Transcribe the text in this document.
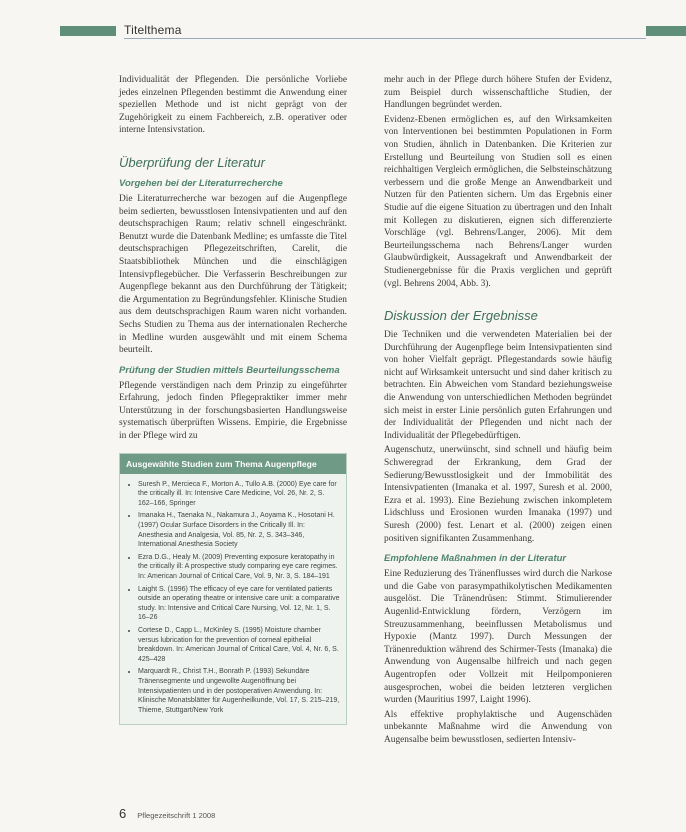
Titelthema

Individualität der Pflegenden. Die persönliche Vorliebe jedes einzelnen Pflegenden bestimmt die Anwendung einer speziellen Methode und ist nicht geprägt von der Zugehörigkeit zu einem Fachbereich, z.B. operativer oder interne Intensivstation.

Überprüfung der Literatur
Vorgehen bei der Literaturrecherche

Die Literaturrecherche war bezogen auf die Augenpflege beim sedierten, bewusstlosen Intensivpatienten und auf den deutschsprachigen Raum; relativ schnell eingeschränkt. Benutzt wurde die Datenbank Medline; es umfasste die Titel deutschsprachigen Pflegezeitschriften, Carelit, die Staatsbibliothek München und die einschlägigen Intensivpflegebücher. Die Verfasserin Beschreibungen zur Augenpflege bekannt aus den Durchführung der Tätigkeit; die Argumentation zu Begründungsfehler. Klinische Studien aus dem deutschsprachigen Raum waren nicht vorhanden. Sechs Studien zu Thema aus der internationalen Recherche in Medline wurden ausgewählt und mit einem Schema beurteilt.

Prüfung der Studien mittels Beurteilungsschema

Pflegende verständigen nach dem Prinzip zu eingeführter Erfahrung, jedoch finden Pflegepraktiker immer mehr Unterstützung in der forschungsbasierten Handlungsweise systematisch überprüften Wissens. Empirie, die Ergebnisse in der Pflege wird zu

Ausgewählte Studien zum Thema Augenpflege
• Suresh P., Mercieca F., Morton A., Tullo A.B. (2000) Eye care for the critically ill. In: Intensive Care Medicine, Vol. 26, Nr. 2, S. 162–166, Springer
• Imanaka H., Taenaka N., Nakamura J., Aoyama K., Hosotani H. (1997) Ocular Surface Disorders in the Critically Ill. In: Anesthesia and Analgesia, Vol. 85, Nr. 2, S. 343–346, International Anesthesia Society
• Ezra D.G., Healy M. (2009) Preventing exposure keratopathy in the critically ill: A prospective study comparing eye care regimes. In: American Journal of Critical Care, Vol. 9, Nr. 3, S. 184–191
• Laight S. (1996) The efficacy of eye care for ventilated patients outside an operating theatre or intensive care unit: a comparative study. In: Intensive and Critical Care Nursing, Vol. 12, Nr. 1, S. 16–26
• Cortese D., Capp L., McKinley S. (1995) Moisture chamber versus lubrication for the prevention of corneal epithelial breakdown. In: American Journal of Critical Care, Vol. 4, Nr. 6, S. 425–428
• Marquardt R., Christ T.H., Bonrath P. (1993) Sekundäre Tränensegmente und ungewollte Augenöffnung bei Intensivpatienten und in der postoperativen Anwendung. In: Klinische Monatsblätter für Augenheilkunde, Vol. 17, S. 215–219, Thieme, Stuttgart/New York

mehr auch in der Pflege durch höhere Stufen der Evidenz, zum Beispiel durch wissenschaftliche Studien, der Handlungen begründet werden.

Evidenz-Ebenen ermöglichen es, auf den Wirksamkeiten von Interventionen bei bestimmten Populationen in Form von Studien, ähnlich in Datenbanken. Die Kriterien zur Erstellung und Beurteilung von Studien soll es einen reichhaltigen Vergleich ermöglichen, die Selbsteinschätzung verbessern und die große Menge an Anwendbarkeit und Nutzen für den Patienten sichern. Um das Ergebnis einer Studie auf die eigene Situation zu übertragen und den Inhalt mit Kollegen zu diskutieren, eignen sich differenzierte Vorschläge (vgl. Behrens/Langer, 2006). Mit dem Beurteilungsschema nach Behrens/Langer wurden Glaubwürdigkeit, Aussagekraft und Anwendbarkeit der Studienergebnisse für die Praxis verglichen und geprüft (vgl. Behrens 2004, Abb. 3).

Diskussion der Ergebnisse

Die Techniken und die verwendeten Materialien bei der Durchführung der Augenpflege beim Intensivpatienten sind von hoher Vielfalt geprägt. Pflegestandards sowie häufig nicht auf Wirksamkeit untersucht und sind daher kritisch zu betrachten. Ein Abweichen vom Standard beziehungsweise die Anwendung von unterschiedlichen Methoden begründet sich meist in erster Linie persönlich guten Erfahrungen und der Individualität der Pflegenden und nicht nach der Individualität der Pflegebedürftigen.

Augenschutz, unerwünscht, sind schnell und häufig beim Schweregrad der Erkrankung, dem Grad der Sedierung/Bewusstlosigkeit und der Immobilität des Intensivpatienten (Imanaka et al. 1997, Suresh et al. 2000, Ezra et al. 1993). Eine Beziehung zwischen inkompletem Lidschluss und Erosionen wurden Imanaka (1997) und Suresh (2000) fest. Lenart et al. (2000) zeigen einen positiven signifikanten Zusammenhang.

Empfohlene Maßnahmen in der Literatur

Eine Reduzierung des Tränenflusses wird durch die Narkose und die Gabe von parasympathikolytischen Medikamenten ausgelöst. Die Tränendrüsen: Stimmt. Stimulierender Augenlid-Entwicklung fördern, Verzögern im Streuzusammenhang, beeinflussen Metabolismus und Hypoxie (Mantz 1997). Durch Messungen der Tränenreduktion während des Schirmer-Tests (Imanaka) die Anwendung von Augensalbe hilfreich und nach gegen Augentropfen oder Vollzeit mit Heilpomponieren ausgesprochen, wobei die beiden letzteren verglichen wurden (Mauritius 1997, Laight 1996).

Als effektive prophylaktische und Augenschäden unbekannte Maßnahme wird die Anwendung von Augensalbe beim bewusstlosen, sedierten Intensiv-

6 Pflegezeitschrift 1 2008
